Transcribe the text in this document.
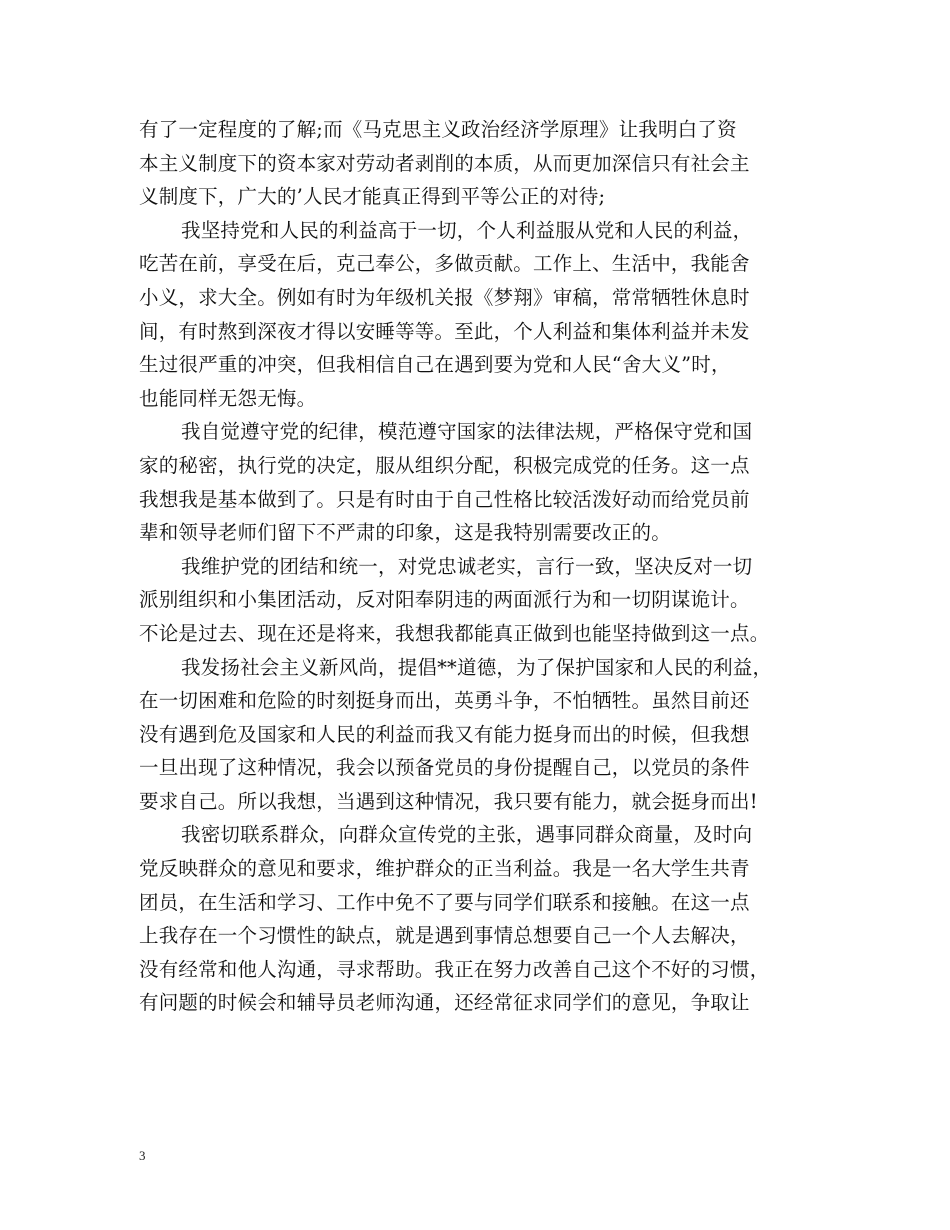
有了一定程度的了解;而《马克思主义政治经济学原理》让我明白了资
本主义制度下的资本家对劳动者剥削的本质，从而更加深信只有社会主
义制度下，广大的’人民才能真正得到平等公正的对待;
我坚持党和人民的利益高于一切，个人利益服从党和人民的利益，
吃苦在前，享受在后，克己奉公，多做贡献。工作上、生活中，我能舍
小义，求大全。例如有时为年级机关报《梦翔》审稿，常常牺牲休息时
间，有时熬到深夜才得以安睡等等。至此，个人利益和集体利益并未发
生过很严重的冲突，但我相信自己在遇到要为党和人民“舍大义”时，
也能同样无怨无悔。
我自觉遵守党的纪律，模范遵守国家的法律法规，严格保守党和国
家的秘密，执行党的决定，服从组织分配，积极完成党的任务。这一点
我想我是基本做到了。只是有时由于自己性格比较活泼好动而给党员前
辈和领导老师们留下不严肃的印象，这是我特别需要改正的。
我维护党的团结和统一，对党忠诚老实，言行一致，坚决反对一切
派别组织和小集团活动，反对阳奉阴违的两面派行为和一切阴谋诡计。
不论是过去、现在还是将来，我想我都能真正做到也能坚持做到这一点。
我发扬社会主义新风尚，提倡**道德，为了保护国家和人民的利益，
在一切困难和危险的时刻挺身而出，英勇斗争，不怕牺牲。虽然目前还
没有遇到危及国家和人民的利益而我又有能力挺身而出的时候，但我想
一旦出现了这种情况，我会以预备党员的身份提醒自己，以党员的条件
要求自己。所以我想，当遇到这种情况，我只要有能力，就会挺身而出!
我密切联系群众，向群众宣传党的主张，遇事同群众商量，及时向
党反映群众的意见和要求，维护群众的正当利益。我是一名大学生共青
团员，在生活和学习、工作中免不了要与同学们联系和接触。在这一点
上我存在一个习惯性的缺点，就是遇到事情总想要自己一个人去解决，
没有经常和他人沟通，寻求帮助。我正在努力改善自己这个不好的习惯，
有问题的时候会和辅导员老师沟通，还经常征求同学们的意见，争取让
3
